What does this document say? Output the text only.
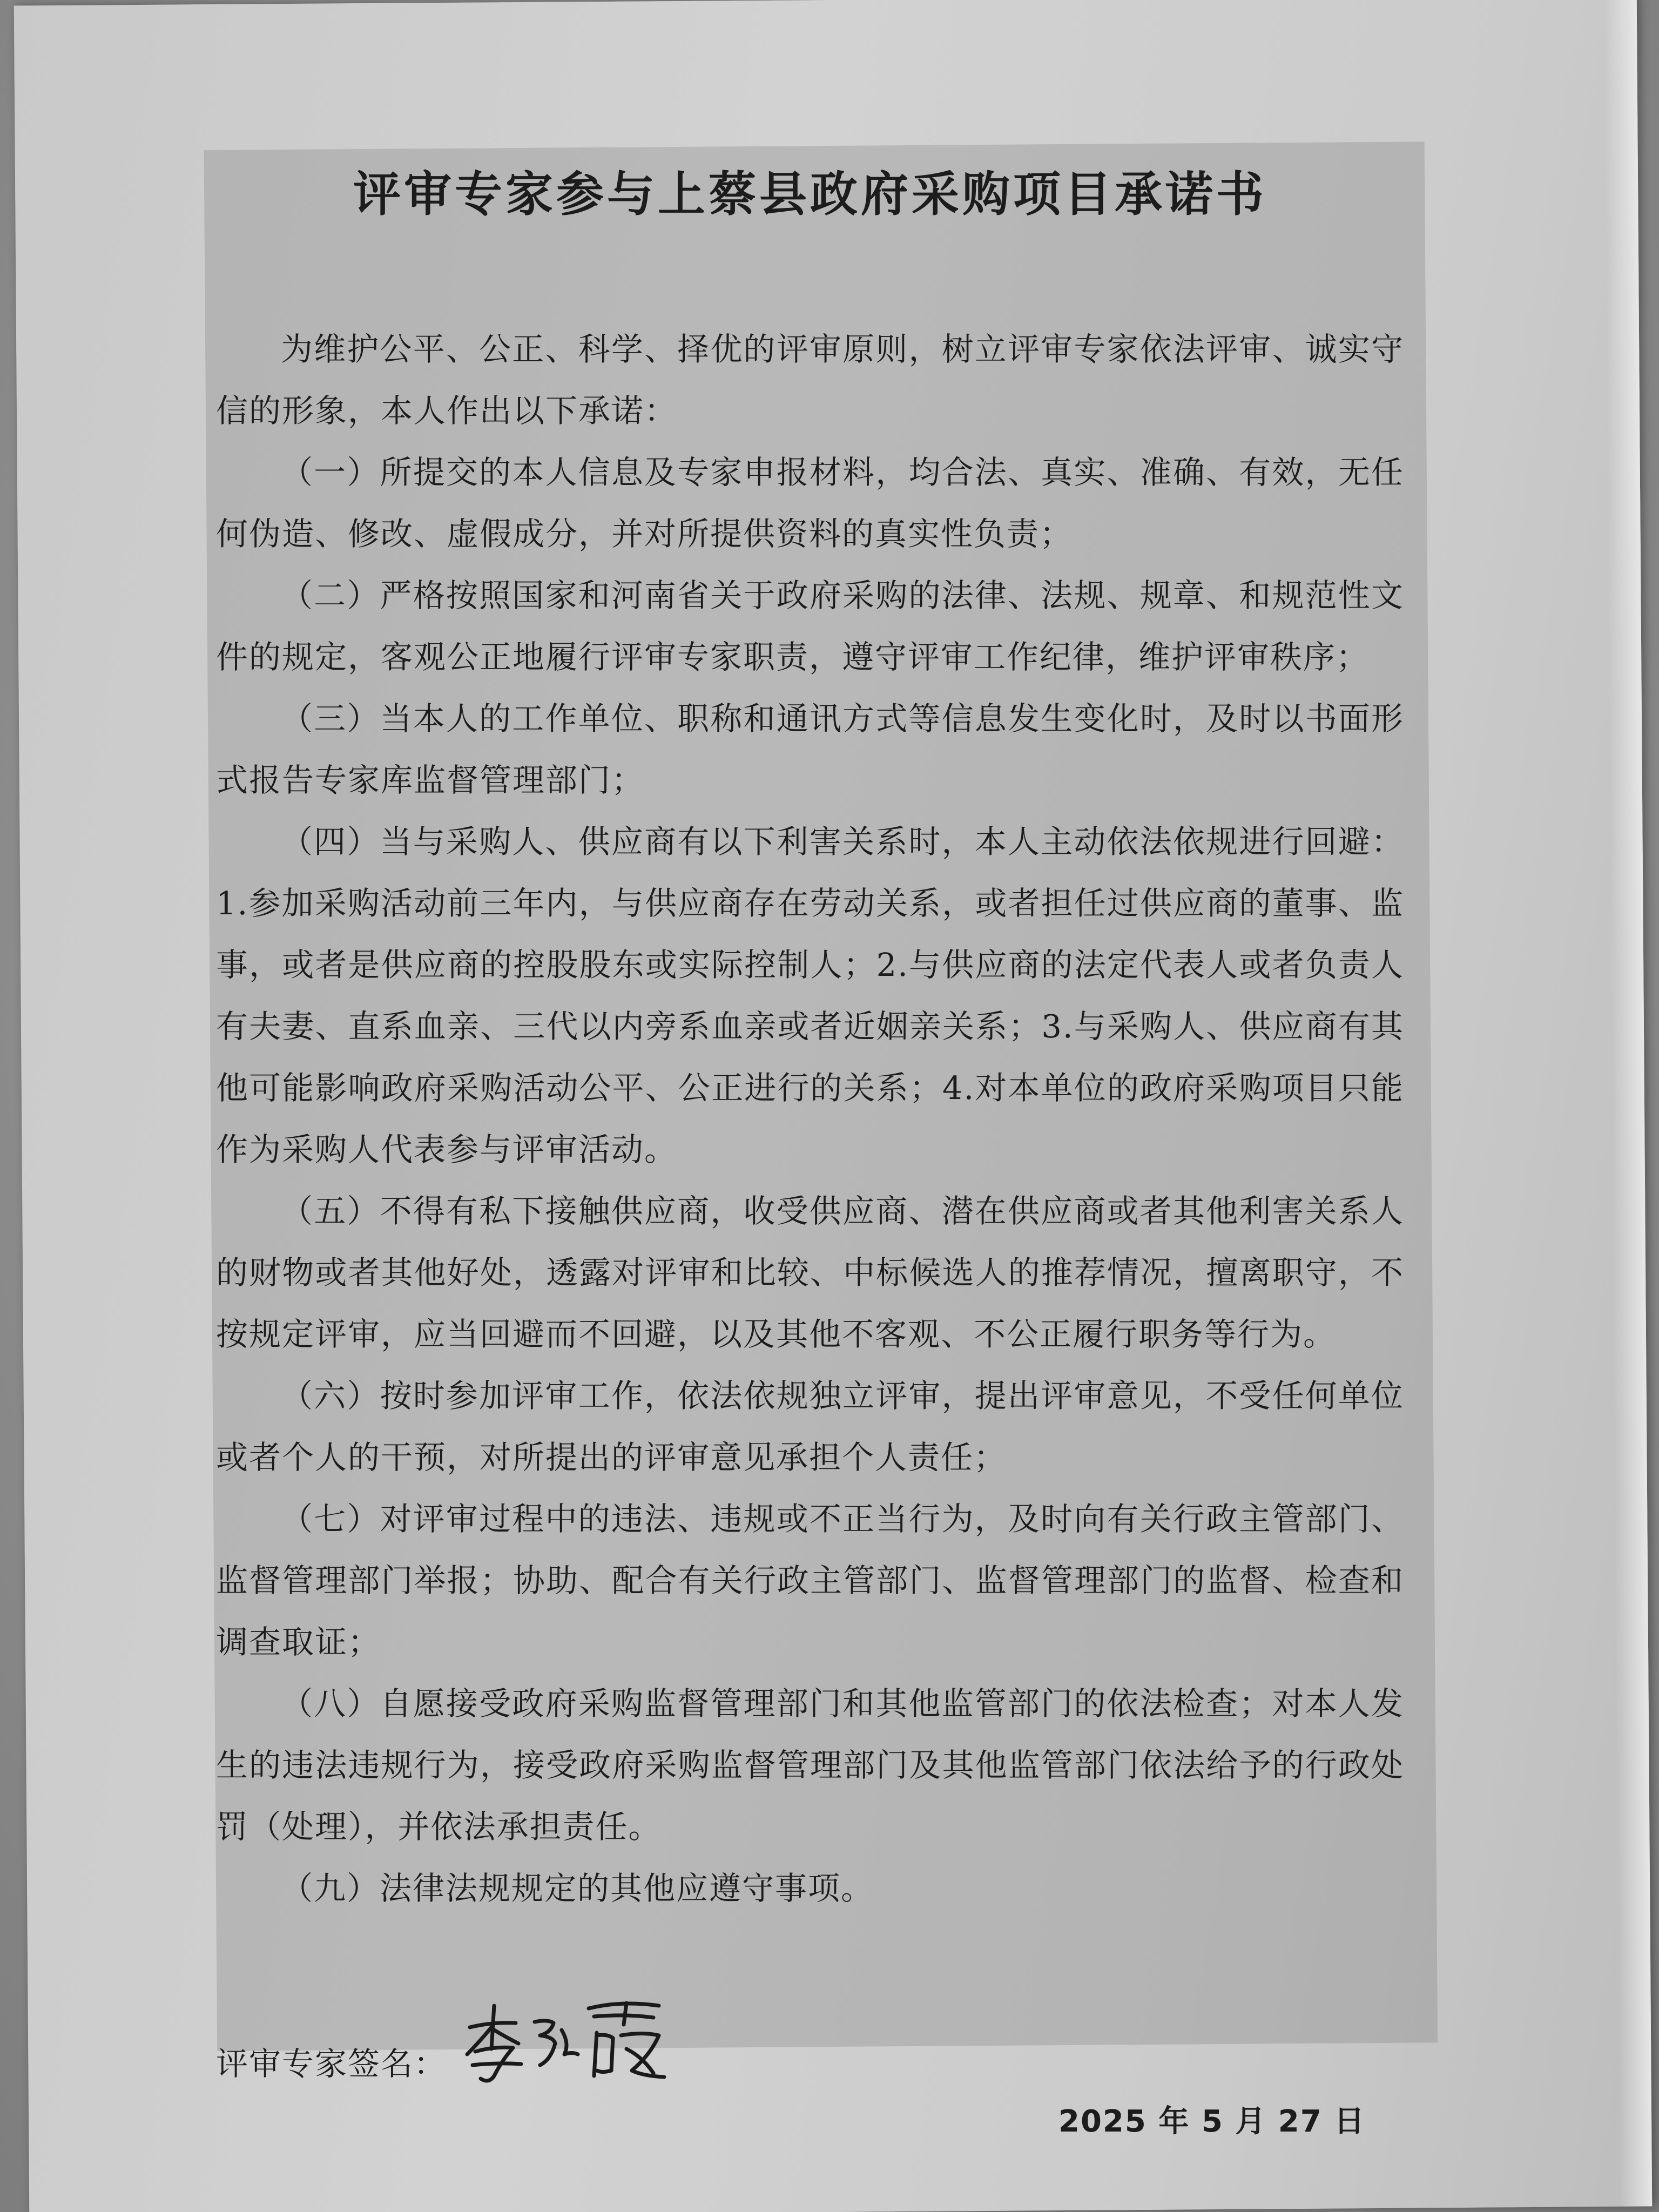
评审专家参与上蔡县政府采购项目承诺书

为维护公平、公正、科学、择优的评审原则，树立评审专家依法评审、诚实守信的形象，本人作出以下承诺：

（一）所提交的本人信息及专家申报材料，均合法、真实、准确、有效，无任何伪造、修改、虚假成分，并对所提供资料的真实性负责；

（二）严格按照国家和河南省关于政府采购的法律、法规、规章、和规范性文件的规定，客观公正地履行评审专家职责，遵守评审工作纪律，维护评审秩序；

（三）当本人的工作单位、职称和通讯方式等信息发生变化时，及时以书面形式报告专家库监督管理部门；

（四）当与采购人、供应商有以下利害关系时，本人主动依法依规进行回避：1.参加采购活动前三年内，与供应商存在劳动关系，或者担任过供应商的董事、监事，或者是供应商的控股股东或实际控制人；2.与供应商的法定代表人或者负责人有夫妻、直系血亲、三代以内旁系血亲或者近姻亲关系；3.与采购人、供应商有其他可能影响政府采购活动公平、公正进行的关系；4.对本单位的政府采购项目只能作为采购人代表参与评审活动。

（五）不得有私下接触供应商，收受供应商、潜在供应商或者其他利害关系人的财物或者其他好处，透露对评审和比较、中标候选人的推荐情况，擅离职守，不按规定评审，应当回避而不回避，以及其他不客观、不公正履行职务等行为。

（六）按时参加评审工作，依法依规独立评审，提出评审意见，不受任何单位或者个人的干预，对所提出的评审意见承担个人责任；

（七）对评审过程中的违法、违规或不正当行为，及时向有关行政主管部门、监督管理部门举报；协助、配合有关行政主管部门、监督管理部门的监督、检查和调查取证；

（八）自愿接受政府采购监督管理部门和其他监管部门的依法检查；对本人发生的违法违规行为，接受政府采购监督管理部门及其他监管部门依法给予的行政处罚（处理），并依法承担责任。

（九）法律法规规定的其他应遵守事项。

评审专家签名：
2025 年 5 月 27 日
